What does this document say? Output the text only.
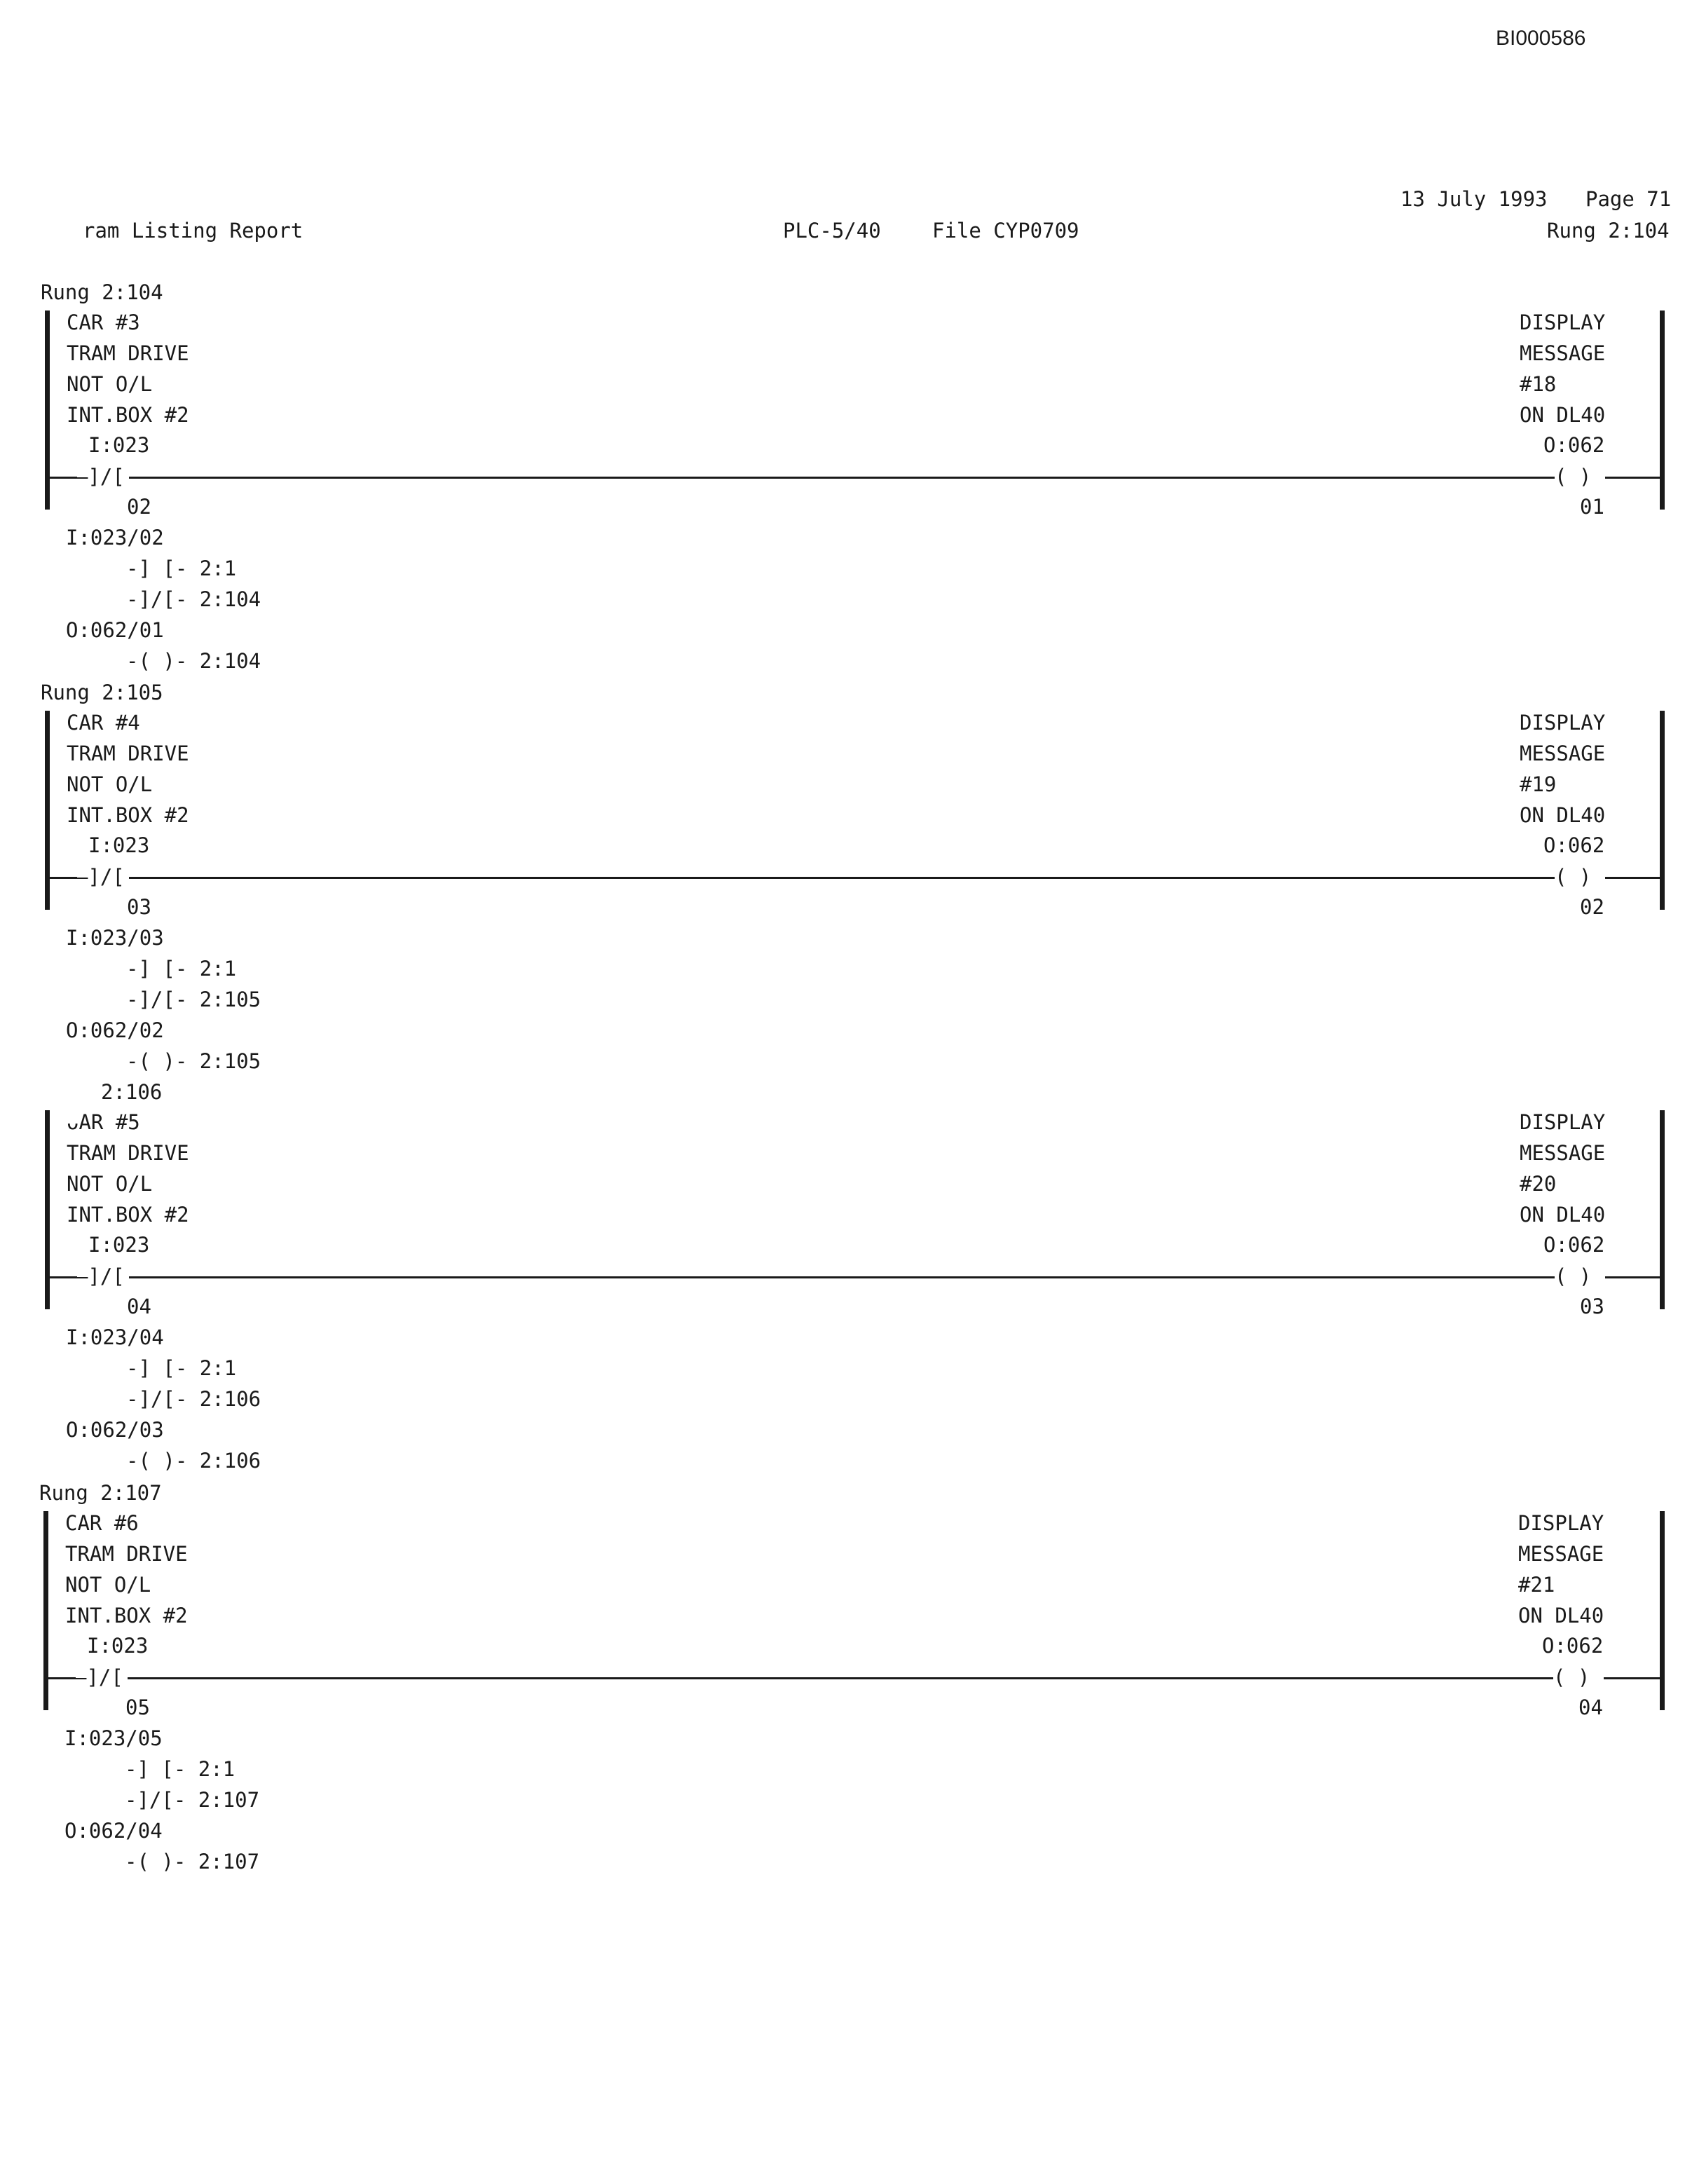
BI000586
13 July 1993 Page 71
ram Listing Report	PLC-5/40	File CYP0709	Rung 2:104
Rung 2:104
CAR #3
TRAM DRIVE
NOT O/L
INT.BOX #2
I:023
DISPLAY
MESSAGE
#18
ON DL40
O:062
—]/[	( )
02	01
I:023/02
-] [- 2:1
-]/[- 2:104
O:062/01
-( )- 2:104
Rung 2:105
CAR #4
TRAM DRIVE
NOT O/L
INT.BOX #2
I:023
DISPLAY
MESSAGE
#19
ON DL40
O:062
—]/[	( )
03	02
I:023/03
-] [- 2:1
-]/[- 2:105
O:062/02
-( )- 2:105
2:106
ᴗAR #5
TRAM DRIVE
NOT O/L
INT.BOX #2
I:023
DISPLAY
MESSAGE
#20
ON DL40
O:062
—]/[	( )
04	03
I:023/04
-] [- 2:1
-]/[- 2:106
O:062/03
-( )- 2:106
Rung 2:107
CAR #6
TRAM DRIVE
NOT O/L
INT.BOX #2
I:023
DISPLAY
MESSAGE
#21
ON DL40
O:062
—]/[	( )
05	04
I:023/05
-] [- 2:1
-]/[- 2:107
O:062/04
-( )- 2:107
